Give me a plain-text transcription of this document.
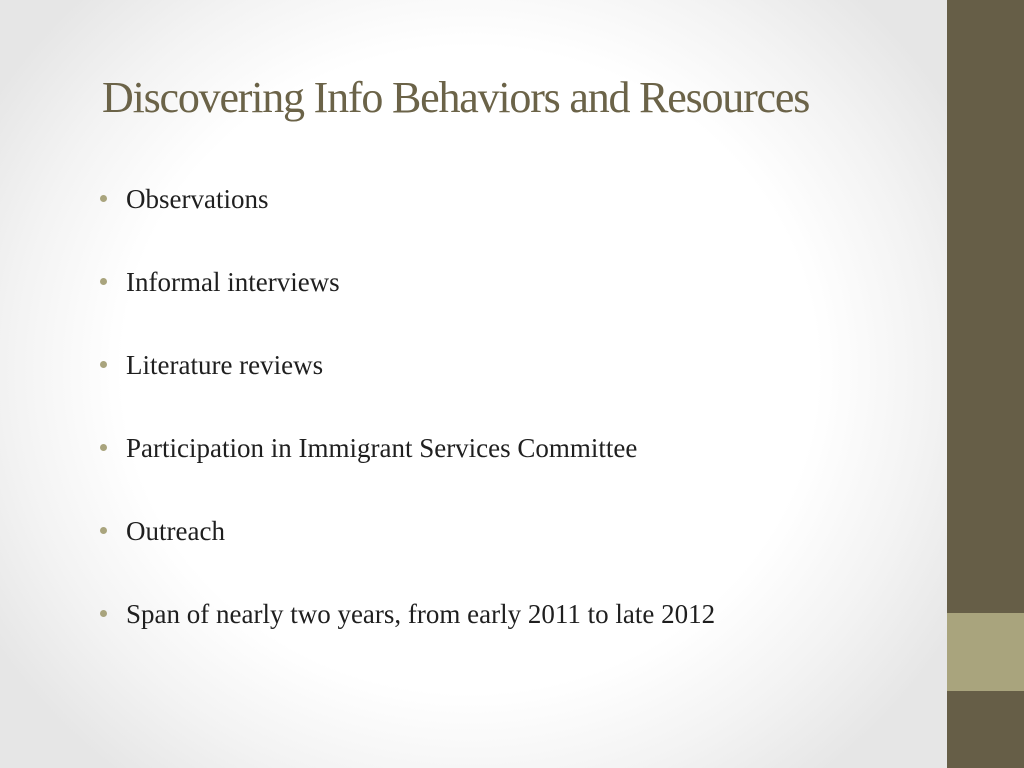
Discovering Info Behaviors and Resources
Observations
Informal interviews
Literature reviews
Participation in Immigrant Services Committee
Outreach
Span of nearly two years, from early 2011 to late 2012
